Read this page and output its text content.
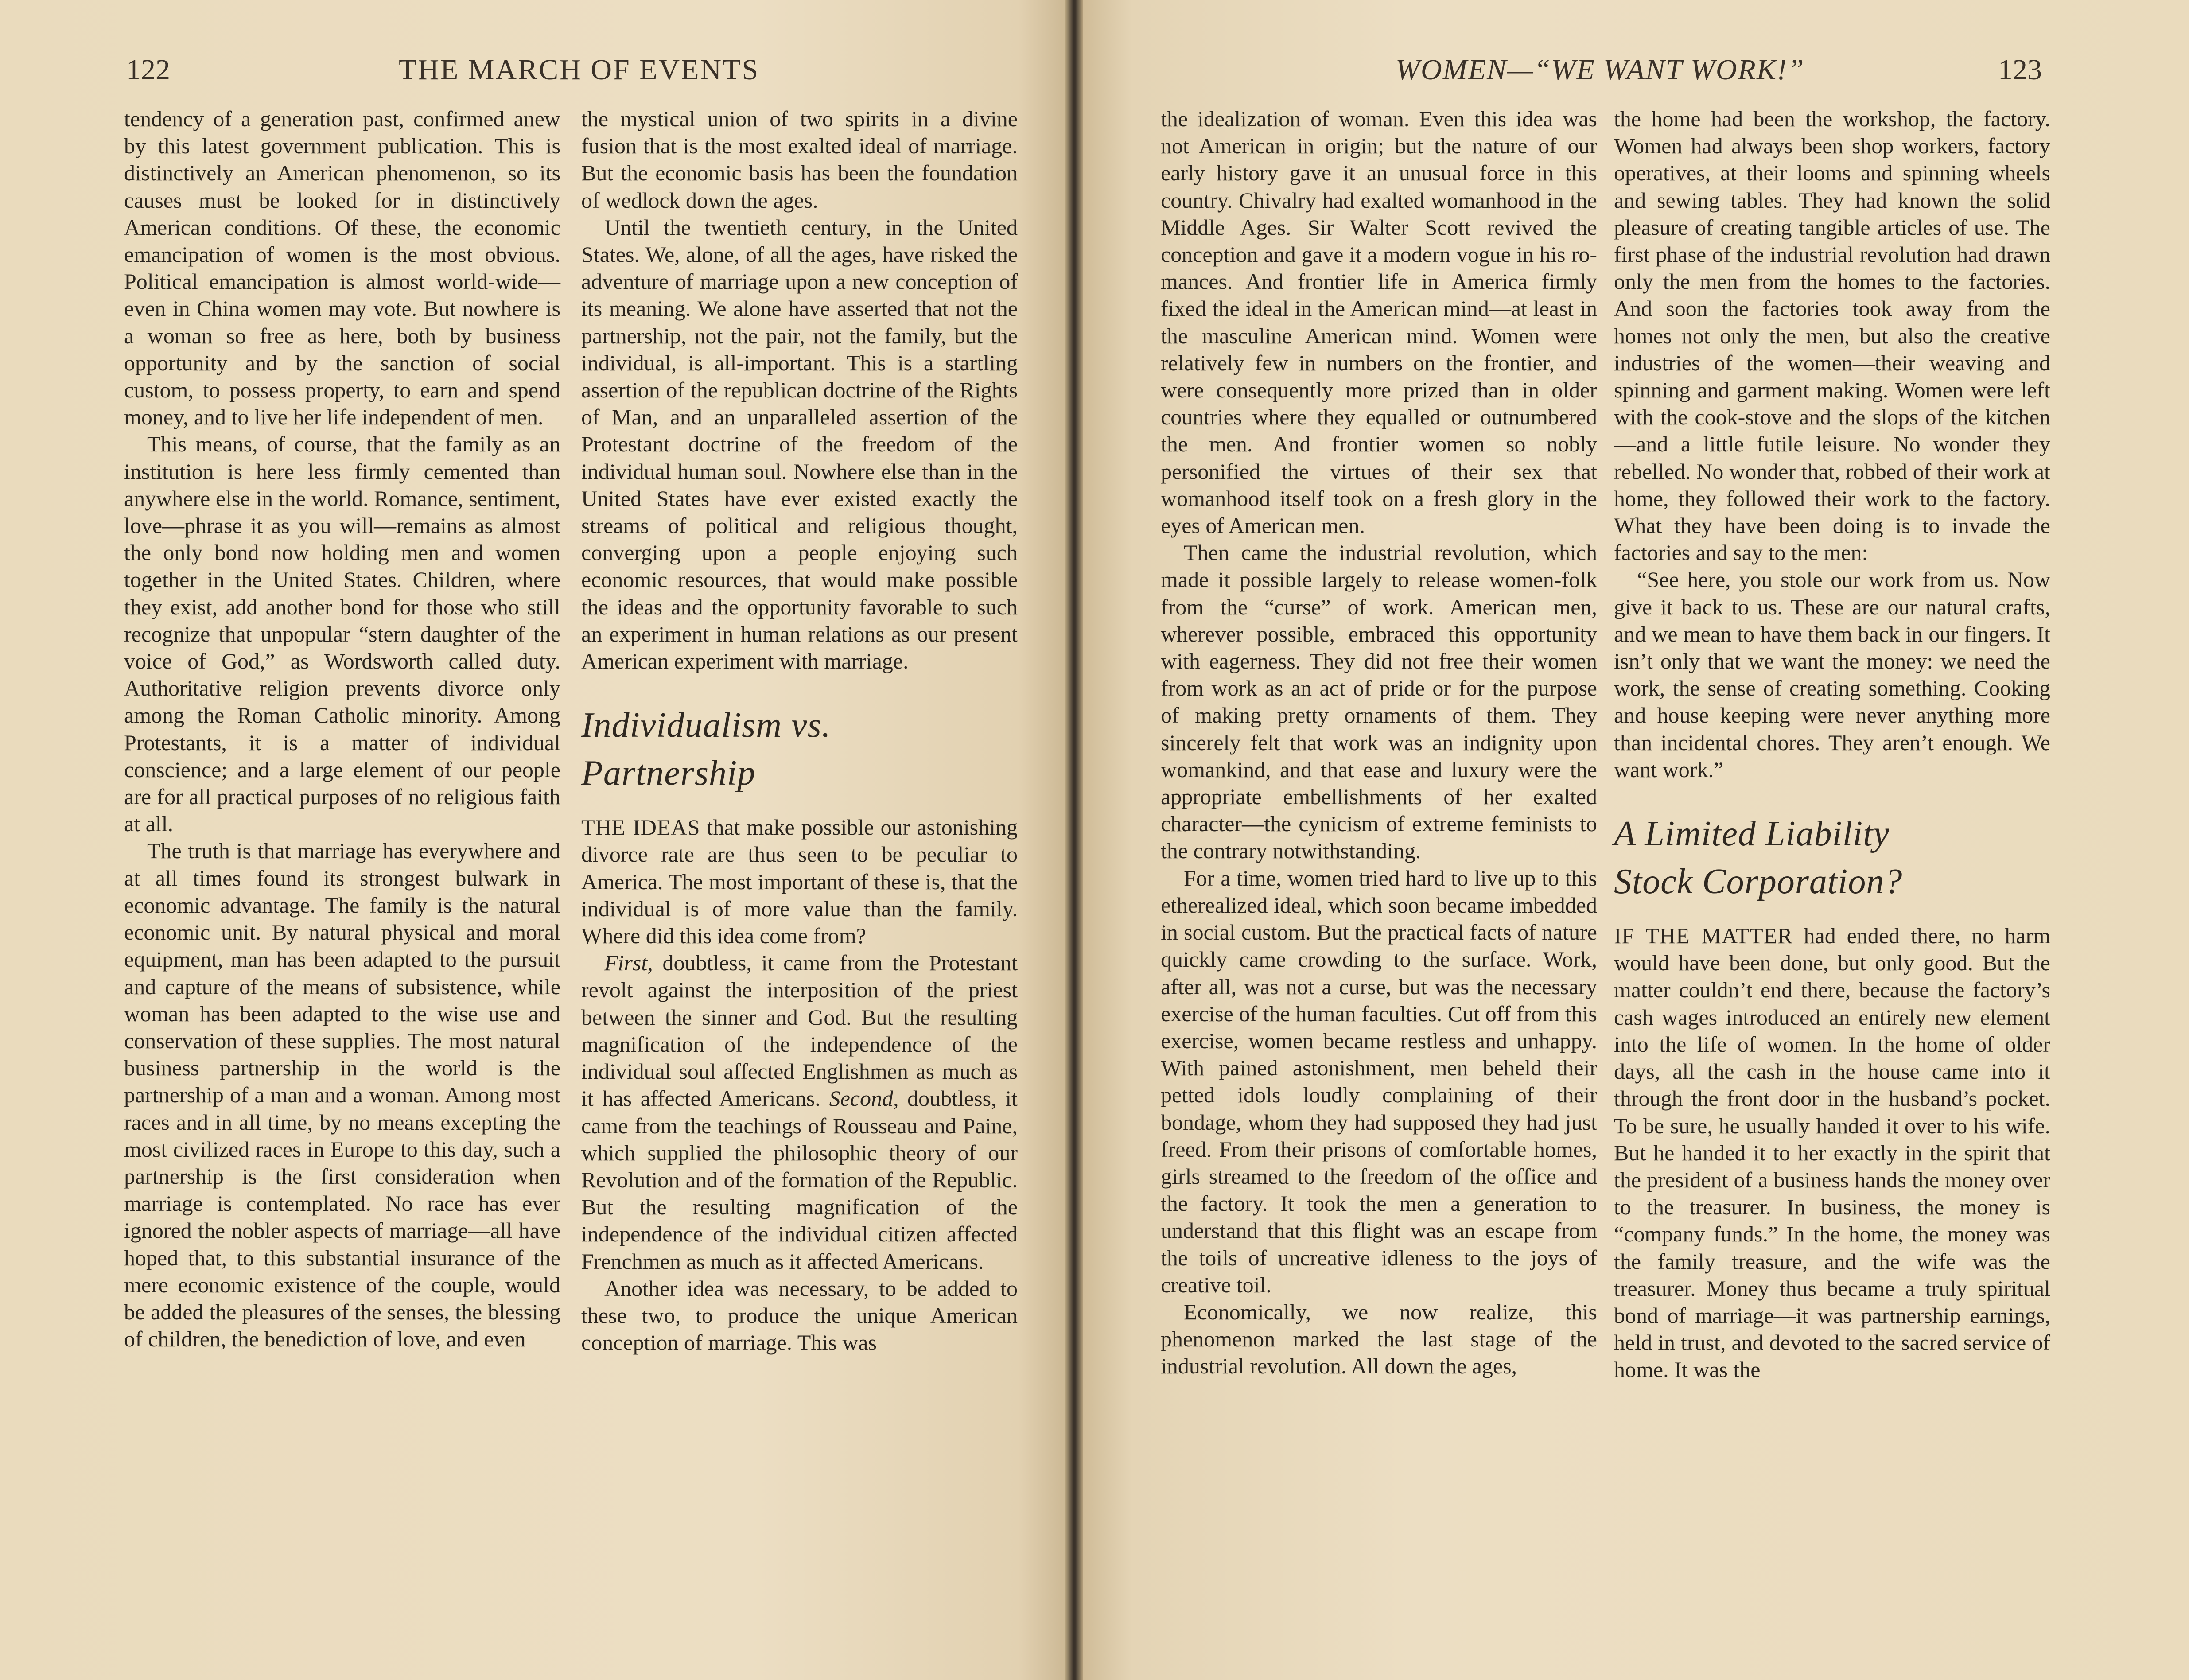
122	THE MARCH OF EVENTS

tendency of a generation past, confirmed anew by this latest government publication. This is distinctively an American phenomenon, so its causes must be looked for in distinctively American conditions. Of these, the economic emancipation of women is the most obvious. Political emancipation is almost world-wide—even in China women may vote. But nowhere is a woman so free as here, both by business opportunity and by the sanction of social custom, to possess property, to earn and spend money, and to live her life independent of men.

This means, of course, that the family as an institution is here less firmly cemented than anywhere else in the world. Romance, sentiment, love—phrase it as you will—remains as almost the only bond now holding men and women together in the United States. Children, where they exist, add another bond for those who still recognize that unpopular “stern daughter of the voice of God,” as Wordsworth called duty. Authoritative religion prevents divorce only among the Roman Catholic minority. Among Protestants, it is a matter of individual conscience; and a large element of our people are for all practical purposes of no religious faith at all.

The truth is that marriage has everywhere and at all times found its strongest bulwark in economic advantage. The family is the natural economic unit. By natural physical and moral equipment, man has been adapted to the pursuit and capture of the means of subsistence, while woman has been adapted to the wise use and conservation of these supplies. The most natural business partnership in the world is the partnership of a man and a woman. Among most races and in all time, by no means excepting the most civilized races in Europe to this day, such a partnership is the first consideration when marriage is contemplated. No race has ever ignored the nobler aspects of marriage—all have hoped that, to this substantial insurance of the mere economic existence of the couple, would be added the pleasures of the senses, the blessing of children, the benediction of love, and even

the mystical union of two spirits in a divine fusion that is the most exalted ideal of marriage. But the economic basis has been the foundation of wedlock down the ages.

Until the twentieth century, in the United States. We, alone, of all the ages, have risked the adventure of marriage upon a new conception of its meaning. We alone have asserted that not the partnership, not the pair, not the family, but the individual, is all-important. This is a startling assertion of the republican doctrine of the Rights of Man, and an unparalleled assertion of the Protestant doctrine of the freedom of the individual human soul. Nowhere else than in the United States have ever existed exactly the streams of political and religious thought, converging upon a people enjoying such economic resources, that would make possible the ideas and the opportunity favorable to such an experiment in human relations as our present American experiment with marriage.

Individualism vs.
Partnership

THE IDEAS that make possible our astonishing divorce rate are thus seen to be peculiar to America. The most important of these is, that the individual is of more value than the family. Where did this idea come from?

First, doubtless, it came from the Protestant revolt against the interposition of the priest between the sinner and God. But the resulting magnification of the independence of the individual soul affected Englishmen as much as it has affected Americans. Second, doubtless, it came from the teachings of Rousseau and Paine, which supplied the philosophic theory of our Revolution and of the formation of the Republic. But the resulting magnification of the independence of the individual citizen affected Frenchmen as much as it affected Americans.

Another idea was necessary, to be added to these two, to produce the unique American conception of marriage. This was

WOMEN—“WE WANT WORK!”	123

the idealization of woman. Even this idea was not American in origin; but the nature of our early history gave it an unusual force in this country. Chivalry had exalted womanhood in the Middle Ages. Sir Walter Scott revived the conception and gave it a modern vogue in his romances. And frontier life in America firmly fixed the ideal in the American mind—at least in the masculine American mind. Women were relatively few in numbers on the frontier, and were consequently more prized than in older countries where they equalled or outnumbered the men. And frontier women so nobly personified the virtues of their sex that womanhood itself took on a fresh glory in the eyes of American men.

Then came the industrial revolution, which made it possible largely to release women-folk from the “curse” of work. American men, wherever possible, embraced this opportunity with eagerness. They did not free their women from work as an act of pride or for the purpose of making pretty ornaments of them. They sincerely felt that work was an indignity upon womankind, and that ease and luxury were the appropriate embellishments of her exalted character—the cynicism of extreme feminists to the contrary notwithstanding.

For a time, women tried hard to live up to this etherealized ideal, which soon became imbedded in social custom. But the practical facts of nature quickly came crowding to the surface. Work, after all, was not a curse, but was the necessary exercise of the human faculties. Cut off from this exercise, women became restless and unhappy. With pained astonishment, men beheld their petted idols loudly complaining of their bondage, whom they had supposed they had just freed. From their prisons of comfortable homes, girls streamed to the freedom of the office and the factory. It took the men a generation to understand that this flight was an escape from the toils of uncreative idleness to the joys of creative toil.

Economically, we now realize, this phenomenon marked the last stage of the industrial revolution. All down the ages,

the home had been the workshop, the factory. Women had always been shop workers, factory operatives, at their looms and spinning wheels and sewing tables. They had known the solid pleasure of creating tangible articles of use. The first phase of the industrial revolution had drawn only the men from the homes to the factories. And soon the factories took away from the homes not only the men, but also the creative industries of the women—their weaving and spinning and garment making. Women were left with the cook-stove and the slops of the kitchen—and a little futile leisure. No wonder they rebelled. No wonder that, robbed of their work at home, they followed their work to the factory. What they have been doing is to invade the factories and say to the men:

“See here, you stole our work from us. Now give it back to us. These are our natural crafts, and we mean to have them back in our fingers. It isn’t only that we want the money: we need the work, the sense of creating something. Cooking and house keeping were never anything more than incidental chores. They aren’t enough. We want work.”

A Limited Liability
Stock Corporation?

IF THE MATTER had ended there, no harm would have been done, but only good. But the matter couldn’t end there, because the factory’s cash wages introduced an entirely new element into the life of women. In the home of older days, all the cash in the house came into it through the front door in the husband’s pocket. To be sure, he usually handed it over to his wife. But he handed it to her exactly in the spirit that the president of a business hands the money over to the treasurer. In business, the money is “company funds.” In the home, the money was the family treasure, and the wife was the treasurer. Money thus became a truly spiritual bond of marriage—it was partnership earnings, held in trust, and devoted to the sacred service of home. It was the
